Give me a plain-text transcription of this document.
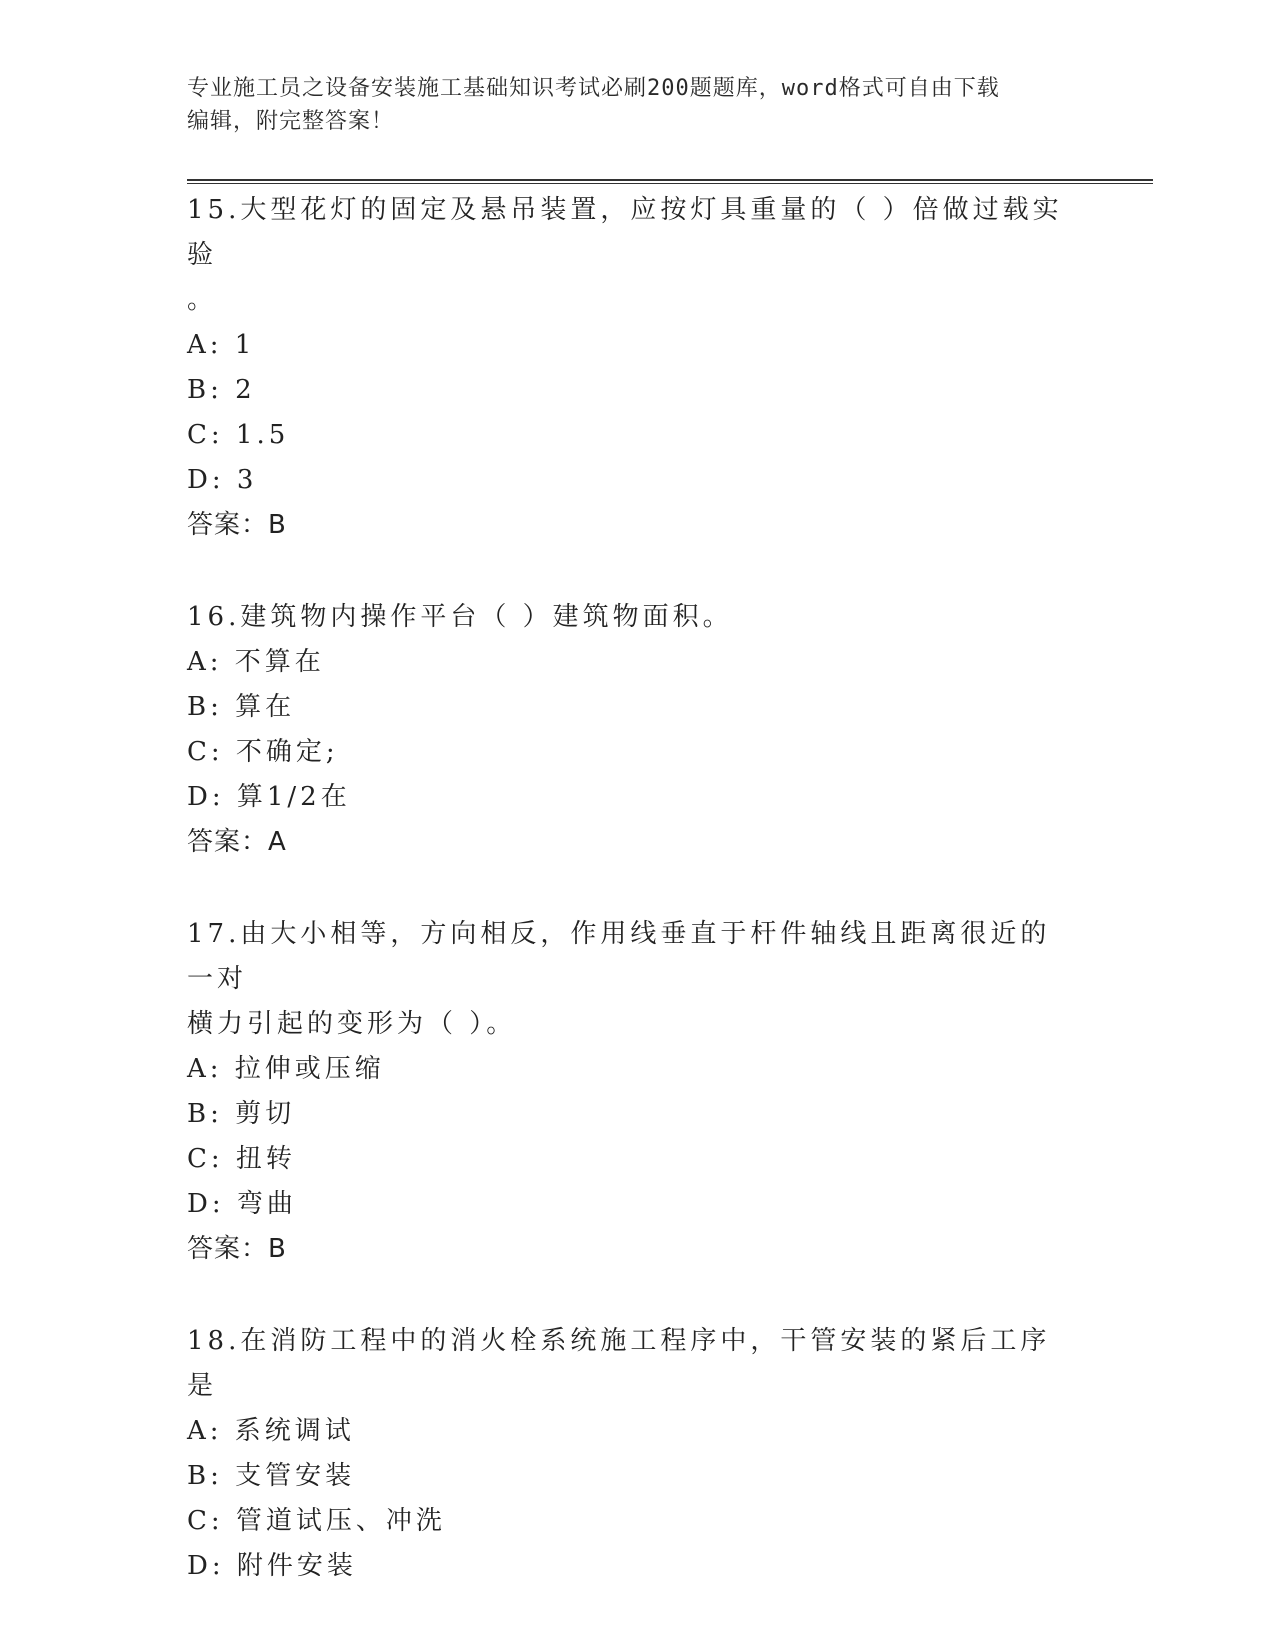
专业施工员之设备安装施工基础知识考试必刷200题题库，word格式可自由下载
编辑，附完整答案！
15.大型花灯的固定及悬吊装置，应按灯具重量的（ ）倍做过载实验
。
A: 1
B: 2
C: 1.5
D: 3
答案：B
16.建筑物内操作平台（ ）建筑物面积。
A: 不算在
B: 算在
C: 不确定;
D: 算1/2在
答案：A
17.由大小相等，方向相反，作用线垂直于杆件轴线且距离很近的一对
横力引起的变形为（ ）。
A: 拉伸或压缩
B: 剪切
C: 扭转
D: 弯曲
答案：B
18.在消防工程中的消火栓系统施工程序中，干管安装的紧后工序是
A: 系统调试
B: 支管安装
C: 管道试压、冲洗
D: 附件安装
